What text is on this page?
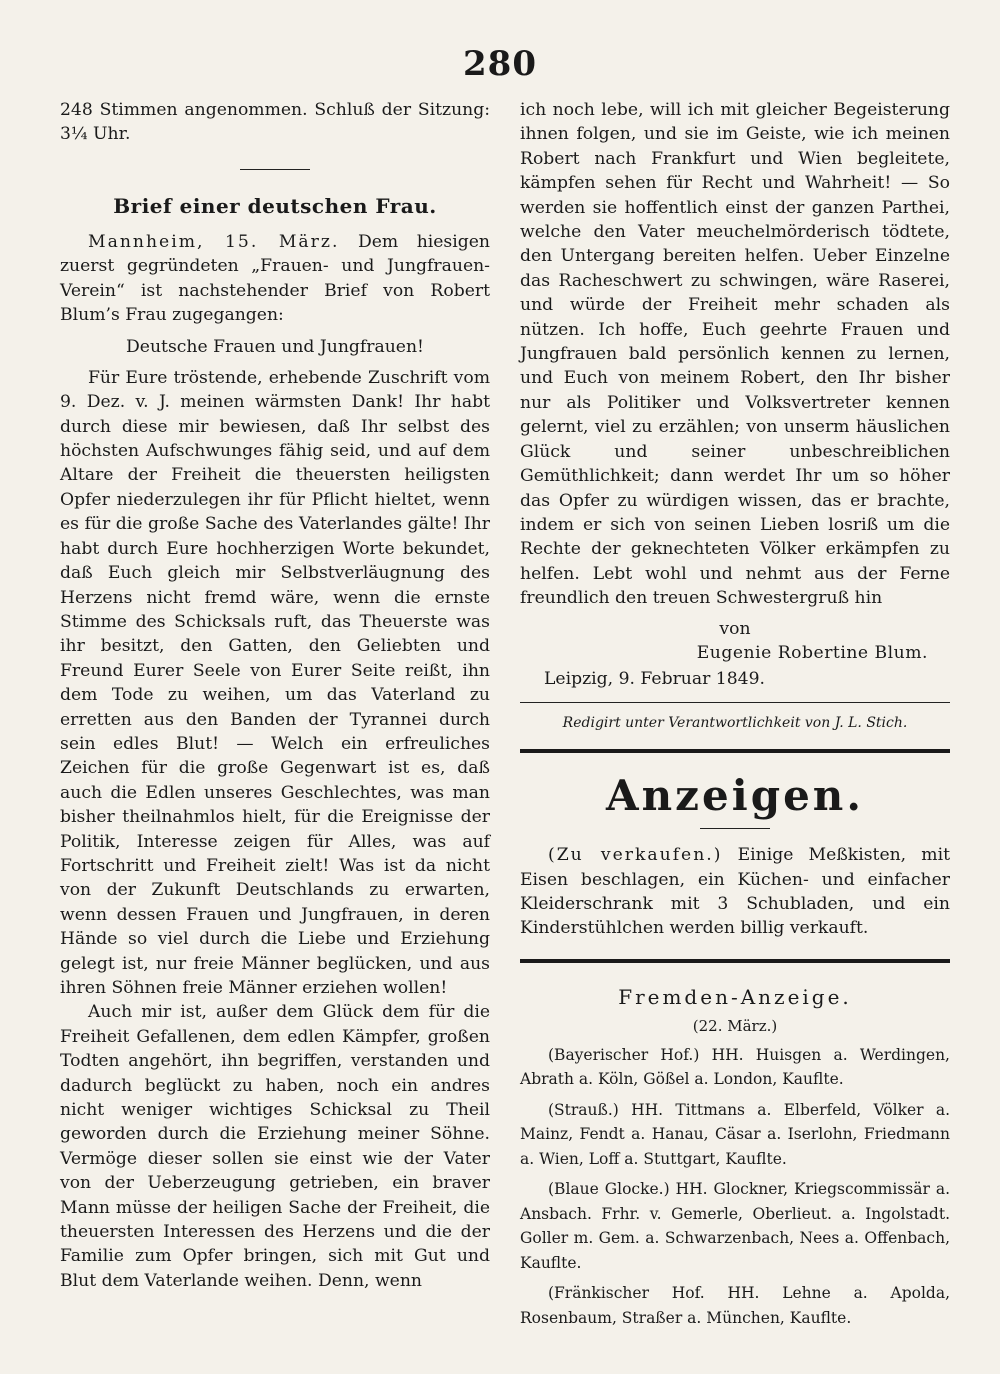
280

248 Stimmen angenommen. Schluß der Sitzung: 3¼ Uhr.

Brief einer deutschen Frau.

Mannheim, 15. März. Dem hiesigen zuerst gegründeten „Frauen- und Jungfrauen-Verein“ ist nachstehender Brief von Robert Blum’s Frau zugegangen:

Deutsche Frauen und Jungfrauen!

Für Eure tröstende, erhebende Zuschrift vom 9. Dez. v. J. meinen wärmsten Dank! Ihr habt durch diese mir bewiesen, daß Ihr selbst des höchsten Aufschwunges fähig seid, und auf dem Altare der Freiheit die theuersten heiligsten Opfer niederzulegen ihr für Pflicht hieltet, wenn es für die große Sache des Vaterlandes gälte! Ihr habt durch Eure hochherzigen Worte bekundet, daß Euch gleich mir Selbstverläugnung des Herzens nicht fremd wäre, wenn die ernste Stimme des Schicksals ruft, das Theuerste was ihr besitzt, den Gatten, den Geliebten und Freund Eurer Seele von Eurer Seite reißt, ihn dem Tode zu weihen, um das Vaterland zu erretten aus den Banden der Tyrannei durch sein edles Blut! — Welch ein erfreuliches Zeichen für die große Gegenwart ist es, daß auch die Edlen unseres Geschlechtes, was man bisher theilnahmlos hielt, für die Ereignisse der Politik, Interesse zeigen für Alles, was auf Fortschritt und Freiheit zielt! Was ist da nicht von der Zukunft Deutschlands zu erwarten, wenn dessen Frauen und Jungfrauen, in deren Hände so viel durch die Liebe und Erziehung gelegt ist, nur freie Männer beglücken, und aus ihren Söhnen freie Männer erziehen wollen!

Auch mir ist, außer dem Glück dem für die Freiheit Gefallenen, dem edlen Kämpfer, großen Todten angehört, ihn begriffen, verstanden und dadurch beglückt zu haben, noch ein andres nicht weniger wichtiges Schicksal zu Theil geworden durch die Erziehung meiner Söhne. Vermöge dieser sollen sie einst wie der Vater von der Ueberzeugung getrieben, ein braver Mann müsse der heiligen Sache der Freiheit, die theuersten Interessen des Herzens und die der Familie zum Opfer bringen, sich mit Gut und Blut dem Vaterlande weihen. Denn, wenn

ich noch lebe, will ich mit gleicher Begeisterung ihnen folgen, und sie im Geiste, wie ich meinen Robert nach Frankfurt und Wien begleitete, kämpfen sehen für Recht und Wahrheit! — So werden sie hoffentlich einst der ganzen Parthei, welche den Vater meuchelmörderisch tödtete, den Untergang bereiten helfen. Ueber Einzelne das Racheschwert zu schwingen, wäre Raserei, und würde der Freiheit mehr schaden als nützen. Ich hoffe, Euch geehrte Frauen und Jungfrauen bald persönlich kennen zu lernen, und Euch von meinem Robert, den Ihr bisher nur als Politiker und Volksvertreter kennen gelernt, viel zu erzählen; von unserm häuslichen Glück und seiner unbeschreiblichen Gemüthlichkeit; dann werdet Ihr um so höher das Opfer zu würdigen wissen, das er brachte, indem er sich von seinen Lieben losriß um die Rechte der geknechteten Völker erkämpfen zu helfen. Lebt wohl und nehmt aus der Ferne freundlich den treuen Schwestergruß hin

von

Eugenie Robertine Blum.

Leipzig, 9. Februar 1849.

Redigirt unter Verantwortlichkeit von J. L. Stich.

Anzeigen.

(Zu verkaufen.) Einige Meßkisten, mit Eisen beschlagen, ein Küchen- und einfacher Kleiderschrank mit 3 Schubladen, und ein Kinderstühlchen werden billig verkauft.

Fremden-Anzeige.
(22. März.)

(Bayerischer Hof.) HH. Huisgen a. Werdingen, Abrath a. Köln, Gößel a. London, Kauflte.

(Strauß.) HH. Tittmans a. Elberfeld, Völker a. Mainz, Fendt a. Hanau, Cäsar a. Iserlohn, Friedmann a. Wien, Loff a. Stuttgart, Kauflte.

(Blaue Glocke.) HH. Glockner, Kriegscommissär a. Ansbach. Frhr. v. Gemerle, Oberlieut. a. Ingolstadt. Goller m. Gem. a. Schwarzenbach, Nees a. Offenbach, Kauflte.

(Fränkischer Hof. HH. Lehne a. Apolda, Rosenbaum, Straßer a. München, Kauflte.
